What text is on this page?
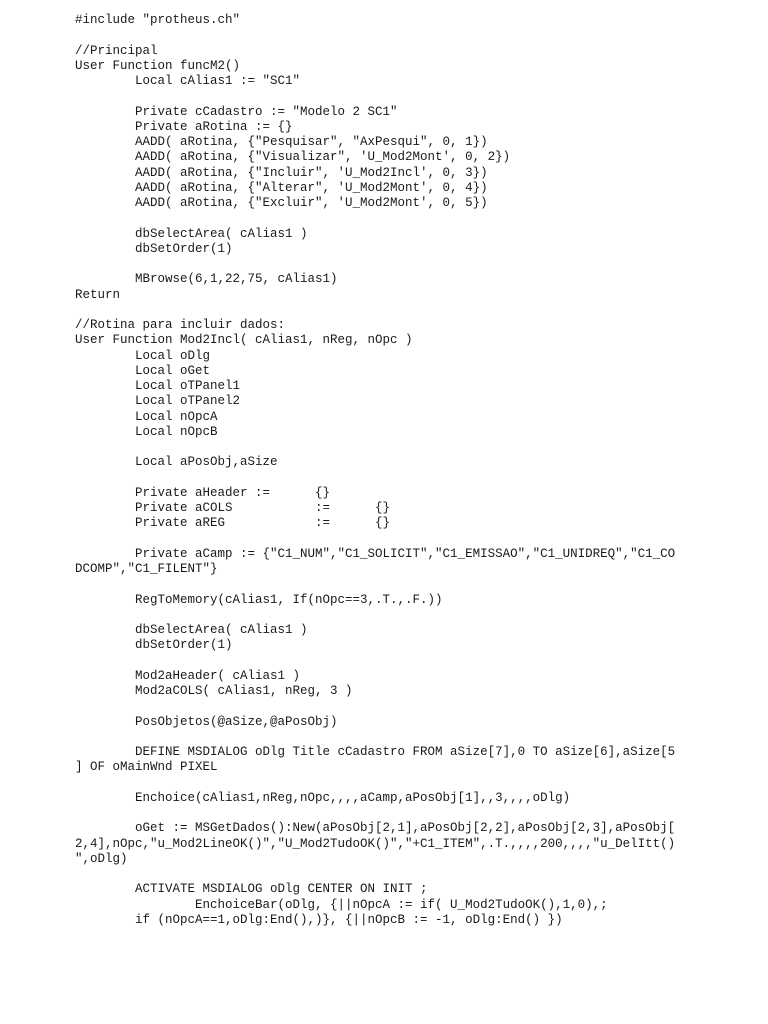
#include "protheus.ch"
//Principal
User Function funcM2()
Local cAlias1 := "SC1"
Private cCadastro := "Modelo 2 SC1"
Private aRotina := {}
AADD( aRotina, {"Pesquisar", "AxPesqui", 0, 1})
AADD( aRotina, {"Visualizar", 'U_Mod2Mont', 0, 2})
AADD( aRotina, {"Incluir", 'U_Mod2Incl', 0, 3})
AADD( aRotina, {"Alterar", 'U_Mod2Mont', 0, 4})
AADD( aRotina, {"Excluir", 'U_Mod2Mont', 0, 5})
dbSelectArea( cAlias1 )
dbSetOrder(1)
MBrowse(6,1,22,75, cAlias1)
Return
//Rotina para incluir dados:
User Function Mod2Incl( cAlias1, nReg, nOpc )
Local oDlg
Local oGet
Local oTPanel1
Local oTPanel2
Local nOpcA
Local nOpcB
Local aPosObj,aSize
Private aHeader :=      {}
Private aCOLS           :=      {}
Private aREG            :=      {}
Private aCamp := {"C1_NUM","C1_SOLICIT","C1_EMISSAO","C1_UNIDREQ","C1_CO
DCOMP","C1_FILENT"}
RegToMemory(cAlias1, If(nOpc==3,.T.,.F.))
dbSelectArea( cAlias1 )
dbSetOrder(1)
Mod2aHeader( cAlias1 )
Mod2aCOLS( cAlias1, nReg, 3 )
PosObjetos(@aSize,@aPosObj)
DEFINE MSDIALOG oDlg Title cCadastro FROM aSize[7],0 TO aSize[6],aSize[5
] OF oMainWnd PIXEL
Enchoice(cAlias1,nReg,nOpc,,,,aCamp,aPosObj[1],,3,,,,oDlg)
oGet := MSGetDados():New(aPosObj[2,1],aPosObj[2,2],aPosObj[2,3],aPosObj[
2,4],nOpc,"u_Mod2LineOK()","U_Mod2TudoOK()","+C1_ITEM",.T.,,,,200,,,,"u_DelItt()
",oDlg)
ACTIVATE MSDIALOG oDlg CENTER ON INIT ;
EnchoiceBar(oDlg, {||nOpcA := if( U_Mod2TudoOK(),1,0),;
if (nOpcA==1,oDlg:End(),)}, {||nOpcB := -1, oDlg:End() })
